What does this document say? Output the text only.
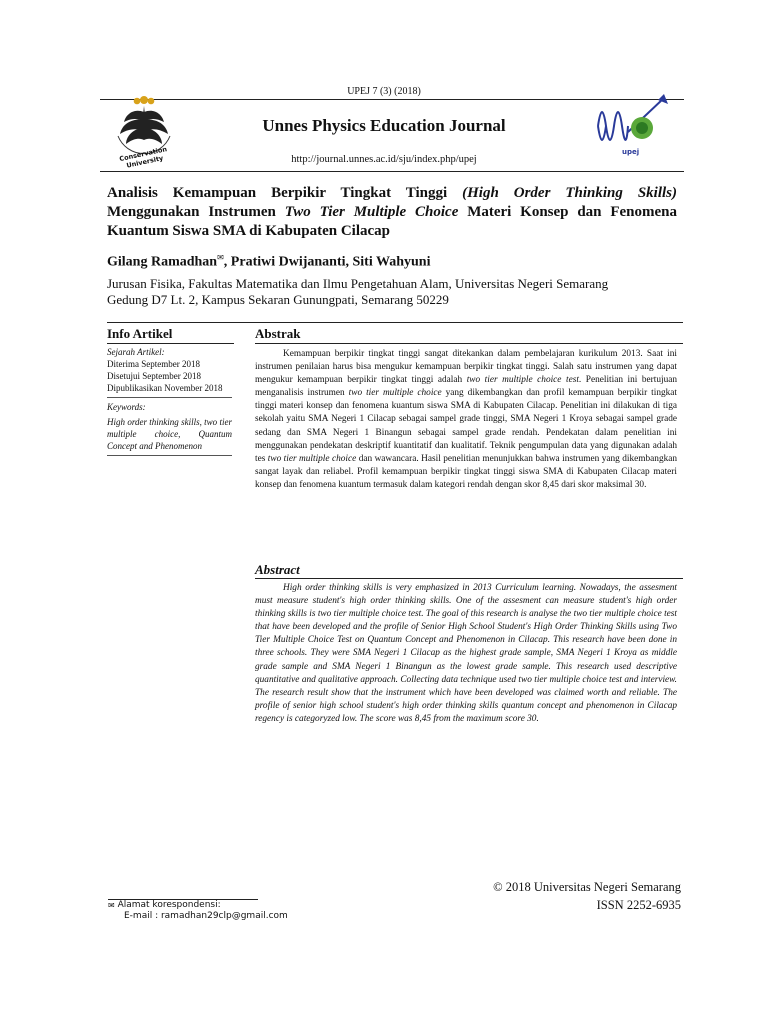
UPEJ 7 (3) (2018)
Conservation University
Unnes Physics Education Journal
http://journal.unnes.ac.id/sju/index.php/upej
upej
Analisis Kemampuan Berpikir Tingkat Tinggi (High Order Thinking Skills) Menggunakan Instrumen Two Tier Multiple Choice Materi Konsep dan Fenomena Kuantum Siswa SMA di Kabupaten Cilacap
Gilang Ramadhan✉, Pratiwi Dwijananti, Siti Wahyuni
Jurusan Fisika, Fakultas Matematika dan Ilmu Pengetahuan Alam, Universitas Negeri Semarang
Gedung D7 Lt. 2, Kampus Sekaran Gunungpati, Semarang 50229
Info Artikel	Abstrak
Sejarah Artikel:
Diterima September 2018
Disetujui September 2018
Dipublikasikan November 2018
Keywords:
High order thinking skills, two tier multiple choice, Quantum Concept and Phenomenon
Kemampuan berpikir tingkat tinggi sangat ditekankan dalam pembelajaran kurikulum 2013. Saat ini instrumen penilaian harus bisa mengukur kemampuan berpikir tingkat tinggi. Salah satu instrumen yang dapat mengukur kemampuan berpikir tingkat tinggi adalah two tier multiple choice test. Penelitian ini bertujuan menganalisis instrumen two tier multiple choice yang dikembangkan dan profil kemampuan berpikir tingkat tinggi materi konsep dan fenomena kuantum siswa SMA di Kabupaten Cilacap. Penelitian ini dilakukan di tiga sekolah yaitu SMA Negeri 1 Cilacap sebagai sampel grade tinggi, SMA Negeri 1 Kroya sebagai sampel grade sedang dan SMA Negeri 1 Binangun sebagai sampel grade rendah. Pendekatan dalam penelitian ini menggunakan pendekatan deskriptif kuantitatif dan kualitatif. Teknik pengumpulan data yang digunakan adalah tes two tier multiple choice dan wawancara. Hasil penelitian menunjukkan bahwa instrumen yang dikembangkan sangat layak dan reliabel. Profil kemampuan berpikir tingkat tinggi siswa SMA di Kabupaten Cilacap materi konsep dan fenomena kuantum termasuk dalam kategori rendah dengan skor 8,45 dari skor maksimal 30.
Abstract
High order thinking skills is very emphasized in 2013 Curriculum learning. Nowadays, the assesment must measure student's high order thinking skills. One of the assesment can measure student's high order thinking skills is two tier multiple choice test. The goal of this research is analyse the two tier multiple choice test that have been developed and the profile of Senior High School Student's High Order Thinking Skills using Two Tier Multiple Choice Test on Quantum Concept and Phenomenon in Cilacap. This research have been done in three schools. They were SMA Negeri 1 Cilacap as the highest grade sample, SMA Negeri 1 Kroya as middle grade sample and SMA Negeri 1 Binangun as the lowest grade sample. This research used descriptive quantitative and qualitative approach. Collecting data technique used two tier multiple choice test and interview. The research result show that the instrument which have been developed was claimed worth and reliable. The profile of senior high school student's high order thinking skills quantum concept and phenomenon in Cilacap regency is categoryzed low. The score was 8,45 from the maximum score 30.
© 2018 Universitas Negeri Semarang
ISSN 2252-6935
✉ Alamat korespondensi:
E-mail : ramadhan29clp@gmail.com
